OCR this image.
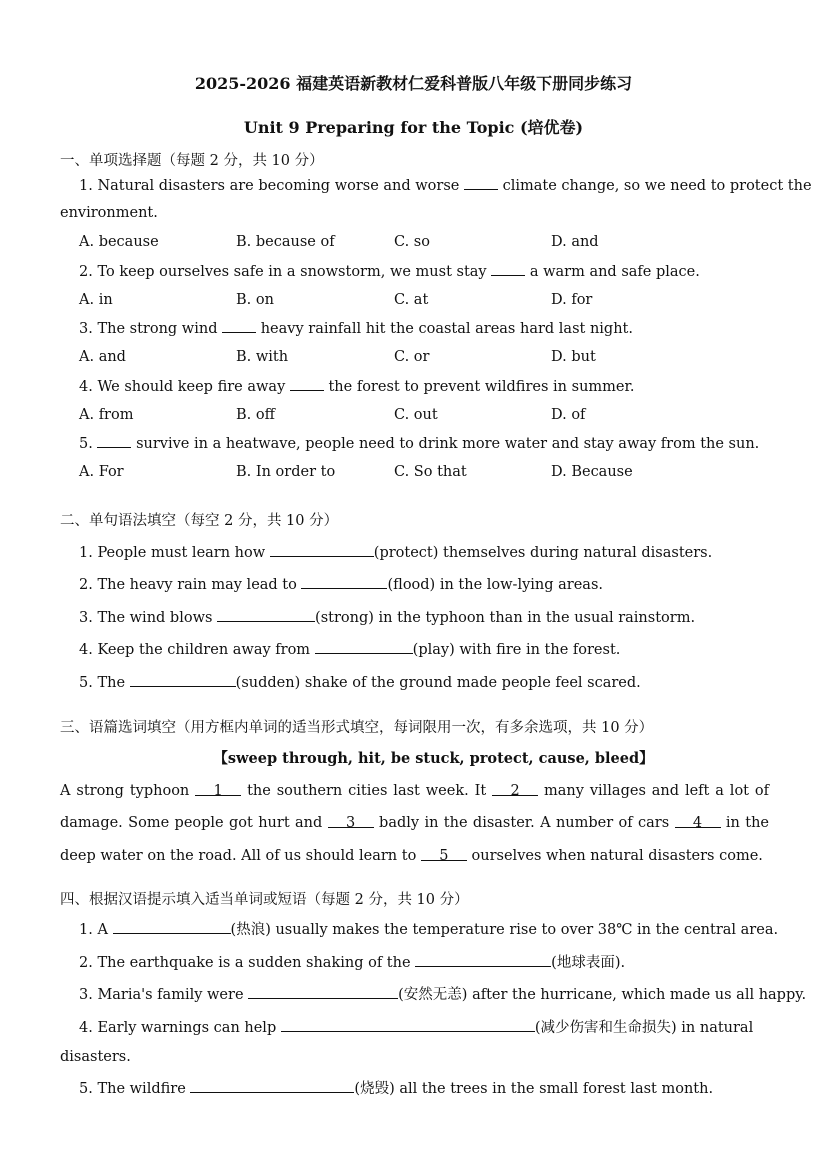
2025-2026 福建英语新教材仁爱科普版八年级下册同步练习
Unit 9 Preparing for the Topic (培优卷)
一、单项选择题（每题 2 分，共 10 分）
1. Natural disasters are becoming worse and worse	climate change, so we need to protect the
environment.
A. because	B. because of	C. so	D. and
2. To keep ourselves safe in a snowstorm, we must stay	a warm and safe place.
A. in	B. on	C. at	D. for
3. The strong wind	heavy rainfall hit the coastal areas hard last night.
A. and	B. with	C. or	D. but
4. We should keep fire away	the forest to prevent wildfires in summer.
A. from	B. off	C. out	D. of
5.	survive in a heatwave, people need to drink more water and stay away from the sun.
A. For	B. In order to	C. So that	D. Because
二、单句语法填空（每空 2 分，共 10 分）
1. People must learn how	(protect) themselves during natural disasters.
2. The heavy rain may lead to	(flood) in the low-lying areas.
3. The wind blows	(strong) in the typhoon than in the usual rainstorm.
4. Keep the children away from	(play) with fire in the forest.
5. The	(sudden) shake of the ground made people feel scared.
三、语篇选词填空（用方框内单词的适当形式填空，每词限用一次，有多余选项，共 10 分）
【sweep through, hit, be stuck, protect, cause, bleed】
A strong typhoon 1 the southern cities last week. It 2 many villages and left a lot of
damage. Some people got hurt and 3 badly in the disaster. A number of cars 4 in the
deep water on the road. All of us should learn to 5 ourselves when natural disasters come.
四、根据汉语提示填入适当单词或短语（每题 2 分，共 10 分）
1. A	(热浪) usually makes the temperature rise to over 38℃ in the central area.
2. The earthquake is a sudden shaking of the	(地球表面).
3. Maria's family were	(安然无恙) after the hurricane, which made us all happy.
4. Early warnings can help	(减少伤害和生命损失) in natural
disasters.
5. The wildfire	(烧毁) all the trees in the small forest last month.
